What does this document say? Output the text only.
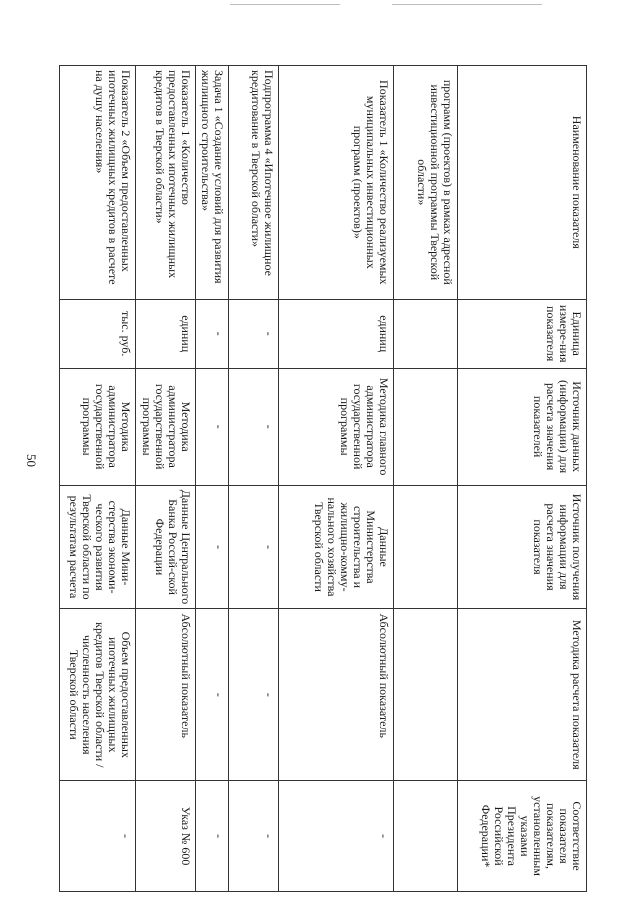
50
Наименование показателя	Единица измере-ния показателя	Источник данных (информации) для расчета значения показателей	Источник получения информации для расчета значения показателя	Методика расчета показателя	Соответствие показателя показателям, установленным указами Президента Российской Федерации*
программ (проектов) в рамках адресной инвестиционной программы Тверской области»					
Показатель 1 «Количество реализуемых муниципальных инвестиционных программ (проектов)»	единиц	Методика главного администратора государственной программы	Данные Министерства строительства и жилищно-комму-нального хозяйства Тверской области	Абсолютный показатель	-
Подпрограмма 4 «Ипотечное жилищное кредитование в Тверской области»	-	-	-	-	-
Задача 1 «Создание условий для развития жилищного строительства»	-	-	-	-	-
Показатель 1 «Количество предоставленных ипотечных жилищных кредитов в Тверской области»	единиц	Методика администратора государственной программы	Данные Центрального Банка Россий-ской Федерации	Абсолютный показатель	Указ № 600
Показатель 2 «Объем предоставленных ипотечных жилищных кредитов в расчете на душу населения»	тыс. руб.	Методика администратора государственной программы	Данные Мини-стерства экономи-ческого развития Тверской области по результатам расчета	Объем предоставленных ипотечных жилищных кредитов Тверской области / численность населения Тверской области	-
